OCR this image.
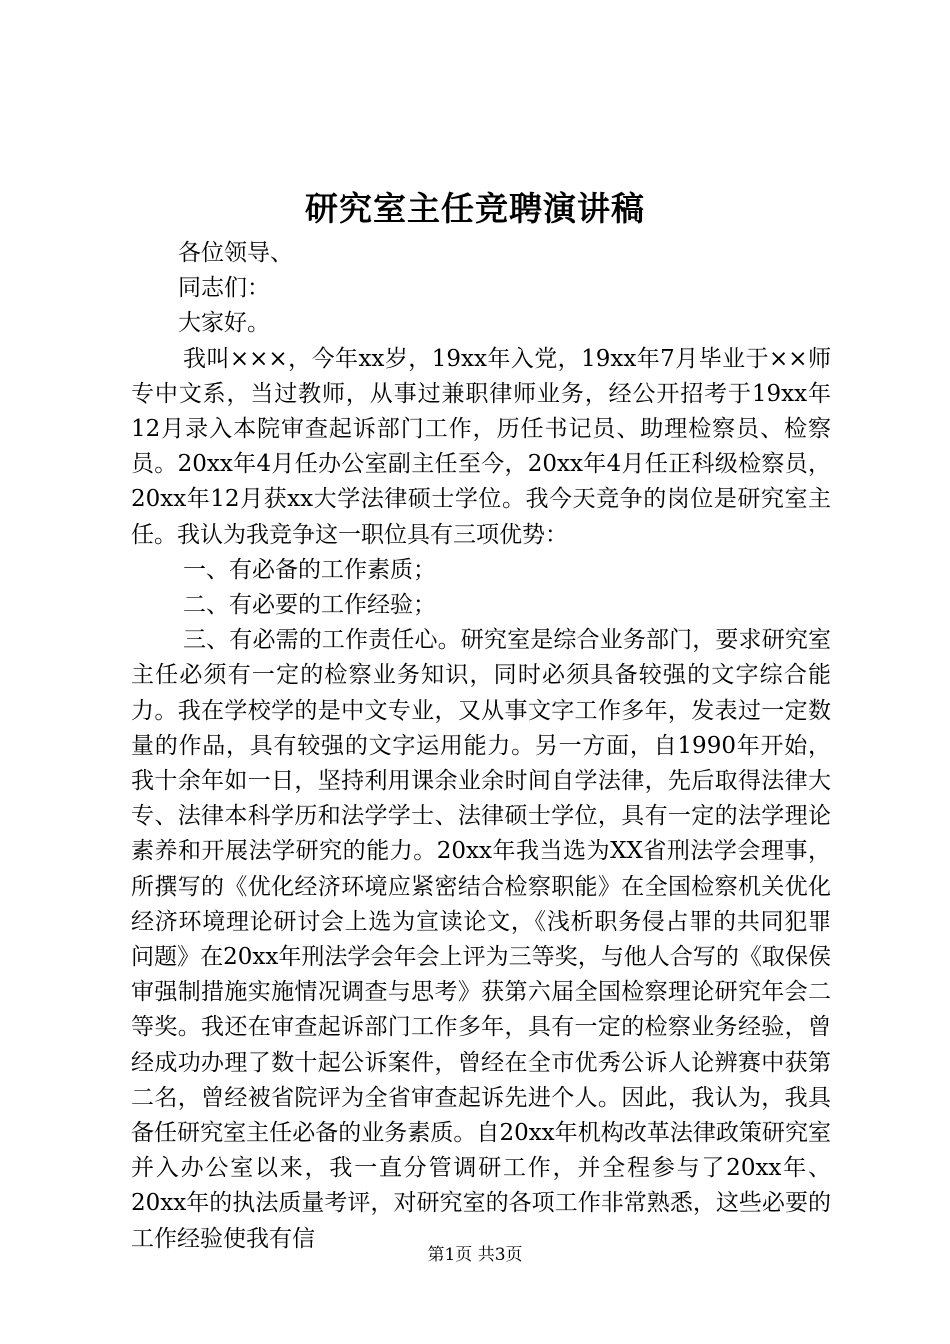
研究室主任竞聘演讲稿

各位领导、

同志们：

大家好。

我叫×××，今年xx岁，19xx年入党，19xx年7月毕业于××师专中文系，当过教师，从事过兼职律师业务，经公开招考于19xx年12月录入本院审查起诉部门工作，历任书记员、助理检察员、检察员。20xx年4月任办公室副主任至今，20xx年4月任正科级检察员，20xx年12月获xx大学法律硕士学位。我今天竞争的岗位是研究室主任。我认为我竞争这一职位具有三项优势：

一、有必备的工作素质；

二、有必要的工作经验；

三、有必需的工作责任心。研究室是综合业务部门，要求研究室主任必须有一定的检察业务知识，同时必须具备较强的文字综合能力。我在学校学的是中文专业，又从事文字工作多年，发表过一定数量的作品，具有较强的文字运用能力。另一方面，自1990年开始，我十余年如一日，坚持利用课余业余时间自学法律，先后取得法律大专、法律本科学历和法学学士、法律硕士学位，具有一定的法学理论素养和开展法学研究的能力。20xx年我当选为XX省刑法学会理事，所撰写的《优化经济环境应紧密结合检察职能》在全国检察机关优化经济环境理论研讨会上选为宣读论文，《浅析职务侵占罪的共同犯罪问题》在20xx年刑法学会年会上评为三等奖，与他人合写的《取保侯审强制措施实施情况调查与思考》获第六届全国检察理论研究年会二等奖。我还在审查起诉部门工作多年，具有一定的检察业务经验，曾经成功办理了数十起公诉案件，曾经在全市优秀公诉人论辨赛中获第二名，曾经被省院评为全省审查起诉先进个人。因此，我认为，我具备任研究室主任必备的业务素质。自20xx年机构改革法律政策研究室并入办公室以来，我一直分管调研工作，并全程参与了20xx年、20xx年的执法质量考评，对研究室的各项工作非常熟悉，这些必要的工作经验使我有信

第1页 共3页
